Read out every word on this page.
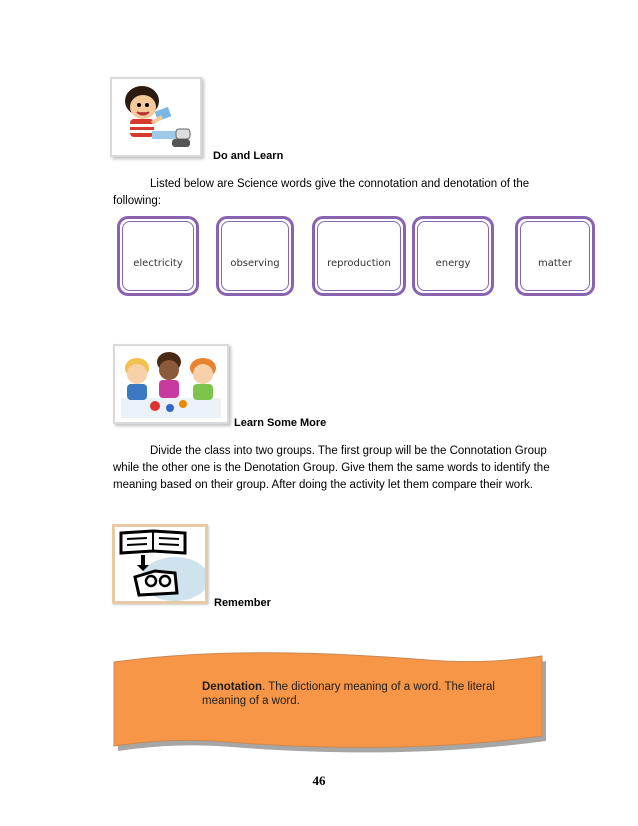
Do and Learn
Listed below are Science words give the connotation and denotation of the following:
electricity	observing	reproduction	energy	matter
Learn Some More
Divide the class into two groups. The first group will be the Connotation Group while the other one is the Denotation Group. Give them the same words to identify the meaning based on their group. After doing the activity let them compare their work.
Remember
Denotation. The dictionary meaning of a word. The literal meaning of a word.
46
